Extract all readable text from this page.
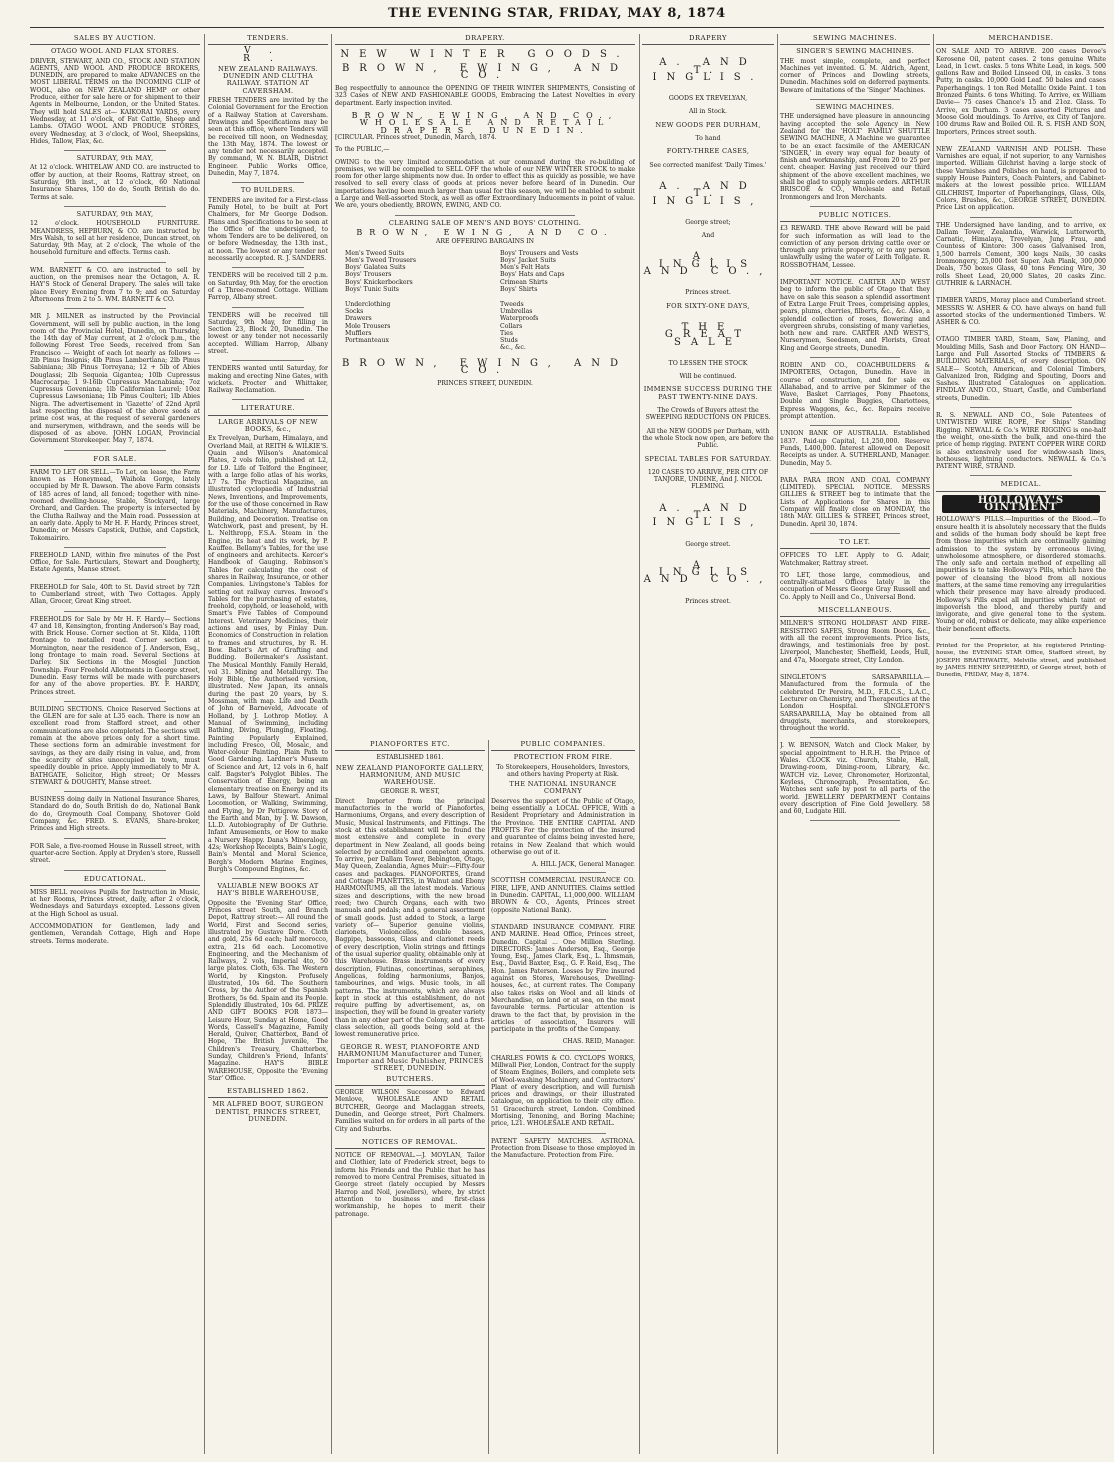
THE EVENING STAR, FRIDAY, MAY 8, 1874
SALES BY AUCTION.
OTAGO WOOL AND FLAX STORES.
DRIVER, STEWART, AND CO., STOCK AND STATION AGENTS, AND WOOL AND PRODUCE BROKERS, DUNEDIN, are prepared to make ADVANCES on the MOST LIBERAL TERMS on the INCOMING CLIP of WOOL, also on NEW ZEALAND HEMP or other Produce, either for sale here or for shipment to their Agents in Melbourne, London, or the United States. They will hold SALES at— KAIKORAI YARDS, every Wednesday, at 11 o'clock, of Fat Cattle, Sheep and Lambs. OTAGO WOOL AND PRODUCE STORES, every Wednesday, at 3 o'clock, of Wool, Sheepskins, Hides, Tallow, Flax, &c.
SATURDAY, 9th MAY,
At 12 o'clock. WHITELAW AND CO. are instructed to offer by auction, at their Rooms, Rattray street, on Saturday, 9th inst., at 12 o'clock, 60 National Insurance Shares, 150 do do, South British do do. Terms at sale.
SATURDAY, 9th MAY,
12 o'clock. HOUSEHOLD FURNITURE. MEANDRESS, HEPBURN, & CO. are instructed by Mrs Walsh, to sell at her residence, Duncan street, on Saturday, 9th May, at 2 o'clock, The whole of the household furniture and effects. Terms cash.
WM. BARNETT & CO. are instructed to sell by auction, on the premises near the Octagon, A. R. HAY'S Stock of General Drapery. The sales will take place Every Evening from 7 to 9; and on Saturday Afternoons from 2 to 5. WM. BARNETT & CO.
MR J. MILNER as instructed by the Provincial Government, will sell by public auction, in the long room of the Provincial Hotel, Dunedin, on Thursday, the 14th day of May current, at 2 o'clock p.m., the following Forest Tree Seeds, received from San Francisco — Weight of each lot nearly as follows — 2lb Pinus Insignis; 4lb Pinus Lambertiana; 2lb Pinus Sabiniana; 3lb Pinus Torreyana; 12 + 5lb of Abies Douglassi; 2lb Sequoia Gigantea; 10lb Cupressus Macrocarpa; 1 9-16lb Cupressus Macnabiana; 7oz Cupressus Goveniana; 1lb Californian Laurel; 10oz Cupressus Lawsoniana; 1lb Pinus Coulteri; 1lb Abies Nigra. The advertisement in 'Gazette' of 22nd April last respecting the disposal of the above seeds at prime cost was, at the request of several gardeners and nurserymen, withdrawn, and the seeds will be disposed of as above. JOHN LOGAN, Provincial Government Storekeeper. May 7, 1874.
FOR SALE.
FARM TO LET OR SELL.—To Let, on lease, the Farm known as Honeymead, Waihola Gorge, lately occupied by Mr R. Dawson. The above Farm consists of 185 acres of land, all fenced; together with nine-roomed dwelling-house, Stable, Stockyard, large Orchard, and Garden. The property is intersected by the Clutha Railway and the Main road. Possession at an early date. Apply to Mr H. F. Hardy, Princes street, Dunedin; or Messrs Capstick, Duthie, and Capstick, Tokomairiro.
FREEHOLD LAND, within five minutes of the Post Office, for Sale. Particulars, Stewart and Dougherty, Estate Agents, Manse street.
FREEHOLD for Sale, 40ft to St. David street by 72ft to Cumberland street, with Two Cottages. Apply Allan, Grocer, Great King street.
FREEHOLDS for Sale by Mr H. F. Hardy— Sections 47 and 18, Kensington, fronting Anderson's Bay road, with Brick House. Corner section at St. Kilda, 110ft frontage to metalled road. Corner section at Mornington, near the residence of J. Anderson, Esq., long frontage to main road. Several Sections at Darley. Six Sections in the Mosgiel Junction Township. Four Freehold Allotments in George street, Dunedin. Easy terms will be made with purchasers for any of the above properties. BY. F. HARDY, Princes street.
BUILDING SECTIONS. Choice Reserved Sections at the GLEN are for sale at L35 each. There is now an excellent road from Stafford street, and other communications are also completed. The sections will remain at the above prices only for a short time. These sections form an admirable investment for savings, as they are daily rising in value, and, from the scarcity of sites unoccupied in town, must speedily double in price. Apply immediately to Mr A. BATHGATE, Solicitor, High street; Or Messrs STEWART & DOUGHTY, Manse street.
BUSINESS doing daily in National Insurance Shares, Standard do do, South British do do, National Bank do do, Greymouth Coal Company, Shotover Gold Company, &c. FRED. S. EVANS, Share-broker, Princes and High streets.
FOR Sale, a five-roomed House in Russell street, with quarter-acre Section. Apply at Dryden's store, Russell street.
EDUCATIONAL.
MISS BELL receives Pupils for Instruction in Music, at her Rooms, Princes street, daily, after 2 o'clock, Wednesdays and Saturdays excepted. Lessons given at the High School as usual.
ACCOMMODATION for Gentlemen, lady and gentlemen, Verandah Cottage, High and Hope streets. Terms moderate.
TENDERS.
V. R.
NEW ZEALAND RAILWAYS. DUNEDIN AND CLUTHA RAILWAY. STATION AT CAVERSHAM.
FRESH TENDERS are invited by the Colonial Government for the Erection of a Railway Station at Caversham. Drawings and Specifications may be seen at this office, where Tenders will be received till noon, on Wednesday, the 13th May, 1874. The lowest or any tender not necessarily accepted. By command, W. N. BLAIR, District Engineer. Public Works Office, Dunedin, May 7, 1874.
TO BUILDERS.
TENDERS are invited for a First-class Family Hotel, to be built at Port Chalmers, for Mr George Dodson. Plans and Specifications to be seen at the Office of the undersigned, to whom Tenders are to be delivered, on or before Wednesday, the 13th inst., at noon. The lowest or any tender not necessarily accepted. R. J. SANDERS.
TENDERS will be received till 2 p.m. on Saturday, 9th May, for the erection of a Three-roomed Cottage. William Farrop, Albany street.
TENDERS will be received till Saturday, 9th May, for filling in Section 23, Block 20, Dunedin. The lowest or any tender not necessarily accepted. William Harrop, Albany street.
TENDERS wanted until Saturday, for making and erecting Nine Gates, with wickets. Procter and Whittaker, Railway Reclamation.
LITERATURE.
LARGE ARRIVALS OF NEW BOOKS, &c.,
Ex Trevelyan, Durham, Himalaya, and Overland Mail, at REITH & WILKIE'S. Quain and Wilson's Anatomical Plates, 2 vols folio, published at L2, for L9. Life of Telford the Engineer, with a large folio atlas of his works, L7 7s. The Practical Magazine, an illustrated cyclopaedia of Industrial News, Inventions, and Improvements, for the use of those concerned in Raw Materials, Machinery, Manufactures, Building, and Decoration. Treatise on Watchwork, past and present, by H. L. Nelthropp, F.S.A. Steam in the Engine, its heat and its work, by P. Kauffee. Bellamy's Tables, for the use of engineers and architects. Kercer's Handbook of Gauging. Robinson's Tables for calculating the cost of shares in Railway, Insurance, or other Companies. Livingstone's Tables for setting out railway curves. Inwood's Tables for the purchasing of estates, freehold, copyhold, or leasehold, with Smart's Five Tables of Compound Interest. Veterinary Medicines, their actions and uses, by Finlay Dun. Economics of Construction in relation to frames and structures, by R. H. Bow. Baltet's Art of Grafting and Budding. Boilermaker's Assistant. The Musical Monthly. Family Herald, vol 31. Mining and Metallurgy. The Holy Bible, the Authorised version, illustrated. New Japan, its annals during the past 20 years, by S. Mossman, with map. Life and Death of John of Barneveld, Advocate of Holland, by J. Lothrop Motley. A Manual of Swimming, including Bathing, Diving, Plunging, Floating. Painting Popularly Explained, including Fresco, Oil, Mosaic, and Water-colour Painting. Plain Path to Good Gardening. Lardner's Museum of Science and Art, 12 vols in 6, half calf. Bagster's Polyglot Bibles. The Conservation of Energy, being an elementary treatise on Energy and its Laws, by Balfour Stewart. Animal Locomotion, or Walking, Swimming, and Flying, by Dr Pettigrew. Story of the Earth and Man, by J. W. Dawson, LL.D. Autobiography of Dr Guthrie. Infant Amusements, or How to make a Nursery Happy. Dana's Mineralogy, 42s; Workshop Receipts, Bain's Logic, Bain's Mental and Moral Science, Bergh's Modern Marine Engines, Burgh's Compound Engines, &c.
VALUABLE NEW BOOKS AT HAY'S BIBLE WAREHOUSE,
Opposite the 'Evening Star' Office, Princes street South, and Branch Depot, Rattray street:— All round the World, First and Second series, illustrated by Gustave Dore. Cloth and gold, 25s 6d each; half morocco, extra, 21s 6d each. Locomotive Engineering, and the Mechanism of Railways, 2 vols, Imperial 4to, 50 large plates. Cloth, 63s. The Western World, by Kingston. Profusely illustrated, 10s 6d. The Southern Cross, by the Author of the Spanish Brothers, 5s 6d. Spain and its People. Splendidly illustrated, 10s 6d. PRIZE AND GIFT BOOKS FOR 1873— Leisure Hour, Sunday at Home, Good Words, Cassell's Magazine, Family Herald, Quiver, Chatterbox, Band of Hope, The British Juvenile, The Children's Treasury, Chatterbox, Sunday, Children's Friend, Infants' Magazine. HAY'S BIBLE WAREHOUSE, Opposite the 'Evening Star' Office.
ESTABLISHED 1862.
MR ALFRED BOOT, SURGEON DENTIST, PRINCES STREET, DUNEDIN.
DRAPERY.
NEW WINTER GOODS.
BROWN, EWING, AND CO.
Beg respectfully to announce the OPENING OF THEIR WINTER SHIPMENTS, Consisting of 323 Cases of NEW AND FASHIONABLE GOODS, Embracing the Latest Novelties in every department. Early inspection invited.
BROWN, EWING, AND CO., WHOLESALE AND RETAIL DRAPERS, DUNEDIN.
[CIRCULAR. Princes street, Dunedin, March, 1874.
To the PUBLIC,—
OWING to the very limited accommodation at our command during the re-building of premises, we will be compelled to SELL OFF the whole of our NEW WINTER STOCK to make room for other large shipments now due. In order to effect this as quickly as possible, we have resolved to sell every class of goods at prices never before heard of in Dunedin. Our importations having been much larger than usual for this season, we will be enabled to submit a Large and Well-assorted Stock, as well as offer Extraordinary Inducements in point of value. We are, yours obediently, BROWN, EWING, AND CO.
CLEARING SALE OF MEN'S AND BOYS' CLOTHING.
BROWN, EWING, AND CO.
ARE OFFERING BARGAINS IN
Men's Tweed Suits
Men's Tweed Trousers
Boys' Galatea Suits
Boys' Trousers
Boys' Knickerbockers
Boys' Tunic Suits

Underclothing
Socks
Drawers
Mole Trousers
Mufflers
Portmanteaux
Boys' Trousers and Vests
Boys' Jacket Suits
Men's Felt Hats
Boys' Hats and Caps
Crimean Shirts
Boys' Shirts

Tweeds
Umbrellas
Waterproofs
Collars
Ties
Studs
&c., &c.
BROWN, EWING, AND CO.
PRINCES STREET, DUNEDIN.
PIANOFORTES ETC.
ESTABLISHED 1861.
NEW ZEALAND PIANOFORTE GALLERY, HARMONIUM, AND MUSIC WAREHOUSE.
GEORGE R. WEST,
Direct Importer from the principal manufactories in the world of Pianofortes, Harmoniums, Organs, and every description of Music, Musical Instruments, and Fittings. The stock at this establishment will be found the most extensive and complete in every department in New Zealand, all goods being selected by accredited and competent agents. To arrive, per Dallam Tower, Bebington, Otago, May Queen, Zealandia, Agnes Muir:—Fifty-four cases and packages. PIANOFORTES, Grand and Cottage PIANETTES, in Walnut and Ebony HARMONIUMS, all the latest models. Various sizes and descriptions, with the new broad reed; two Church Organs, each with two manuals and pedals; and a general assortment of small goods. Just added to Stock, a large variety of— Superior genuine violins, clarionets, Violoncellos, double basses, Bagpipe, bassoons, Glass and clarionet reeds of every description, Violin strings and fittings of the usual superior quality, obtainable only at this Warehouse. Brass instruments of every description, Flutinas, concertinas, seraphines, Angelicas, folding harmoniums, Banjos, tambourines, and wigs. Music tools, in all patterns. The instruments, which are always kept in stock at this establishment, do not require puffing by advertisement, as, on inspection, they will be found in greater variety than in any other part of the Colony, and a first-class selection, all goods being sold at the lowest remunerative price.
GEORGE R. WEST, PIANOFORTE AND HARMONIUM Manufacturer and Tuner, Importer and Music Publisher, PRINCES STREET, DUNEDIN.
BUTCHERS.
GEORGE WILSON Successor to Edward Menlove, WHOLESALE AND RETAIL BUTCHER, George and Maclaggan streets, Dunedin, and George street, Port Chalmers. Families waited on for orders in all parts of the City and Suburbs.
NOTICES OF REMOVAL.
NOTICE OF REMOVAL.—J. MOYLAN, Tailor and Clothier, late of Frederick street, begs to inform his Friends and the Public that he has removed to more Central Premises, situated in George street (lately occupied by Messrs Harrop and Noil, jewellers), where, by strict attention to business and first-class workmanship, he hopes to merit their patronage.
PUBLIC COMPANIES.
PROTECTION FROM FIRE.
To Storekeepers, Householders, Investors, and others having Property at Risk.
THE NATIONAL INSURANCE COMPANY
Deserves the support of the Public of Otago, being essentially a LOCAL OFFICE, With a Resident Proprietary and Administration in the Province. THE ENTIRE CAPITAL AND PROFITS For the protection of the insured and guarantee of claims being invested here, retains in New Zealand that which would otherwise go out of it.
A. HILL JACK, General Manager.
SCOTTISH COMMERCIAL INSURANCE CO. FIRE, LIFE, AND ANNUITIES. Claims settled in Dunedin. CAPITAL, L1,000,000. WILLIAM BROWN & CO., Agents, Princes street (opposite National Bank).
STANDARD INSURANCE COMPANY. FIRE AND MARINE. Head Office, Princes street, Dunedin. Capital ... One Million Sterling. DIRECTORS: James Anderson, Esq., George Young, Esq., James Clark, Esq., L. Ihmsman, Esq., David Baxter, Esq., G. F. Reid, Esq., The Hon. James Paterson. Losses by Fire insured against on Stores, Warehouses, Dwelling-houses, &c., at current rates. The Company also takes risks on Wool and all kinds of Merchandise, on land or at sea, on the most favourable terms. Particular attention is drawn to the fact that, by provision in the articles of association, Insurers will participate in the profits of the Company.
CHAS. REID, Manager.
CHARLES FOWIS & CO. CYCLOPS WORKS, Millwall Pier, London, Contract for the supply of Steam Engines, Boilers, and complete sets of Wool-washing Machinery, and Contractors' Plant of every description, and will furnish prices and drawings, or their illustrated catalogue, on application to their city office. 51 Gracechurch street, London. Combined Mortising, Tenoning, and Boring Machine; price, L21. WHOLESALE AND RETAIL.
PATENT SAFETY MATCHES. ASTRONA. Protection from Disease to those employed in the Manufacture. Protection from Fire.
DRAPERY
A. AND T. INGLIS.
GOODS EX TREVELYAN,
All in Stock.
NEW GOODS PER DURHAM,
To hand
FORTY-THREE CASES,
See corrected manifest 'Daily Times.'
A. AND T. INGLIS,
George street;
And
A. INGLIS AND CO.,
Princes street.
FOR SIXTY-ONE DAYS,
THE GREAT SALE
TO LESSEN THE STOCK
Will be continued.
IMMENSE SUCCESS DURING THE PAST TWENTY-NINE DAYS.
The Crowds of Buyers attest the SWEEPING REDUCTIONS ON PRICES.
All the NEW GOODS per Durham, with the whole Stock now open, are before the Public.
SPECIAL TABLES FOR SATURDAY.
120 CASES TO ARRIVE, PER CITY OF TANJORE, UNDINE, And J. NICOL FLEMING.
A. AND T. INGLIS,
George street.
A. INGLIS AND CO.,
Princes street.
SEWING MACHINES.
SINGER'S SEWING MACHINES.
THE most simple, complete, and perfect Machines yet invented. G. M. Aldrich, Agent, corner of Princes and Dowling streets, Dunedin. Machines sold on deferred payments. Beware of imitations of the 'Singer' Machines.
SEWING MACHINES.
THE undersigned have pleasure in announcing having accepted the sole Agency in New Zealand for the 'HOLT' FAMILY SHUTTLE SEWING MACHINE, A Machine we guarantee to be an exact facsimile of the AMERICAN 'SINGER,' in every way equal for beauty of finish and workmanship, and From 20 to 25 per cent. cheaper. Having just received our third shipment of the above excellent machines, we shall be glad to supply sample orders. ARTHUR BRISCOE & CO., Wholesale and Retail Ironmongers and Iron Merchants.
PUBLIC NOTICES.
£3 REWARD. THE above Reward will be paid for such information as will lead to the conviction of any person driving cattle over or through any private property, or to any person unlawfully using the water of Leith Tollgate. R. ROSSBOTHAM, Lessee.
IMPORTANT NOTICE. CARTER AND WEST beg to inform the public of Otago that they have on sale this season a splendid assortment of Extra Large Fruit Trees, comprising apples, pears, plums, cherries, filberts, &c., &c. Also, a splendid collection of roses, flowering and evergreen shrubs, consisting of many varieties, both new and rare. CARTER AND WEST'S, Nurserymen, Seedsmen, and Florists, Great King and George streets, Dunedin.
ROBIN AND CO., COACHBUILDERS & IMPORTERS, Octagon, Dunedin. Have in course of construction, and for sale ex Allahabad, and to arrive per Skimmer of the Wave, Basket Carriages, Pony Phaetons, Double and Single Buggies, Chariottees, Express Waggons, &c., &c. Repairs receive prompt attention.
UNION BANK OF AUSTRALIA. Established 1837. Paid-up Capital, L1,250,000. Reserve Funds, L400,000. Interest allowed on Deposit Receipts as under. A. SUTHERLAND, Manager. Dunedin, May 5.
PARA PARA IRON AND COAL COMPANY (LIMITED). SPECIAL NOTICE. MESSRS GILLIES & STREET beg to intimate that the Lists of Applications for Shares in this Company will finally close on MONDAY, the 18th MAY. GILLIES & STREET, Princes street, Dunedin. April 30, 1874.
TO LET.
OFFICES TO LET. Apply to G. Adair, Watchmaker, Rattray street.
TO LET, those large, commodious, and centrally-situated Offices lately in the occupation of Messrs George Gray Russell and Co. Apply to Neill and Co., Universal Bond.
MISCELLANEOUS.
MILNER'S STRONG HOLDFAST AND FIRE-RESISTING SAFES, Strong Room Doors, &c., with all the recent improvements. Price lists, drawings, and testimonials free by post. Liverpool, Manchester, Sheffield, Leeds, Hull, and 47a, Moorgate street, City London.
SINGLETON'S SARSAPARILLA.— Manufactured from the formula of the celebrated Dr Pereira, M.D., F.R.C.S., L.A.C., Lecturer on Chemistry, and Therapeutics at the London Hospital. SINGLETON'S SARSAPARILLA, May be obtained from all druggists, merchants, and storekeepers, throughout the world.
J. W. BENSON, Watch and Clock Maker, by special appointment to H.R.H. the Prince of Wales. CLOCK viz. Church, Stable, Hall, Drawing-room, Dining-room, Library, &c. WATCH viz. Lever, Chronometer, Horizontal, Keyless, Chronograph, Presentation, &c. Watches sent safe by post to all parts of the world. JEWELLERY DEPARTMENT Contains every description of Fine Gold Jewellery. 58 and 60, Ludgate Hill.
MERCHANDISE.
ON SALE AND TO ARRIVE. 200 cases Devoe's Kerosene Oil, patent cases. 2 tons genuine White Lead, in 1cwt. casks. 5 tons White Lead, in kegs. 500 gallons Raw and Boiled Linseed Oil, in casks. 3 tons Putty, in casks. 10,000 Gold Leaf. 50 bales and cases Paperhangings. 1 ton Red Metallic Oxide Paint. 1 ton Bronzed Paints. 6 tons Whiting. To Arrive, ex William Davie— 75 cases Chance's 15 and 21oz. Glass. To Arrive, ex Durham. 3 cases assorted Pictures and Moose Gold mouldings. To Arrive, ex City of Tanjore. 100 drums Raw and Boiled Oil. R. S. FISH AND SON, Importers, Princes street south.
NEW ZEALAND VARNISH AND POLISH. These Varnishes are equal, if not superior, to any Varnishes imported. William Gilchrist having a large stock of these Varnishes and Polishes on hand, is prepared to supply House Painters, Coach Painters, and Cabinet-makers at the lowest possible price. WILLIAM GILCHRIST, Importer of Paperhangings, Glass, Oils, Colors, Brushes, &c., GEORGE STREET, DUNEDIN. Price List on application.
THE Undersigned have landing, and to arrive, ex Dallam Tower, Zealandia, Warwick, Lutterworth, Carnatic, Himalaya, Trevelyan, Jung Frau, and Countess of Kintore: 300 cases Galvanised Iron, 1,500 barrels Cement, 300 kegs Nails, 30 casks Ironmongery, 25,000 feet Super. Ash Plank, 300,000 Deals, 750 boxes Glass, 40 tons Fencing Wire, 30 rolls Sheet Lead, 20,000 Slates, 20 casks Zinc. GUTHRIE & LARNACH.
TIMBER YARDS, Moray place and Cumberland street. MESSRS W. ASHER & CO. have always on hand full assorted stocks of the undermentioned Timbers. W. ASHER & CO.
OTAGO TIMBER YARD, Steam, Saw, Planing, and Moulding Mills, Sash and Door Factory. ON HAND— Large and Full Assorted Stocks of TIMBERS & BUILDING MATERIALS, of every description. ON SALE— Scotch, American, and Colonial Timbers, Galvanized Iron, Ridging and Spouting, Doors and Sashes. Illustrated Catalogues on application. FINDLAY AND CO., Stuart, Castle, and Cumberland streets, Dunedin.
R. S. NEWALL AND CO., Sole Patentees of UNTWISTED WIRE ROPE, For Ships' Standing Rigging. NEWALL & Co.'s WIRE RIGGING is one-half the weight, one-sixth the bulk, and one-third the price of hemp rigging. PATENT COPPER WIRE CORD is also extensively used for window-sash lines, hothouses, lightning conductors. NEWALL & Co.'s PATENT WIRE, STRAND.
MEDICAL.
HOLLOWAY'S OINTMENT
HOLLOWAY'S PILLS.—Impurities of the Blood.—To ensure health it is absolutely necessary that the fluids and solids of the human body should be kept free from those impurities which are continually gaining admission to the system by erroneous living, unwholesome atmosphere, or disordered stomachs. The only safe and certain method of expelling all impurities is to take Holloway's Pills, which have the power of cleansing the blood from all noxious matters, at the same time removing any irregularities which their presence may have already produced. Holloway's Pills expel all impurities which taint or impoverish the blood, and thereby purify and invigorate, and give general tone to the system. Young or old, robust or delicate, may alike experience their beneficent effects.
Printed for the Proprietor, at his registered Printing-house, the EVENING STAR Office, Stafford street, by JOSEPH BRAITHWAITE, Melville street, and published by JAMES HENRY SHEPHERD, of George street, both of Dunedin, FRIDAY, May 8, 1874.
